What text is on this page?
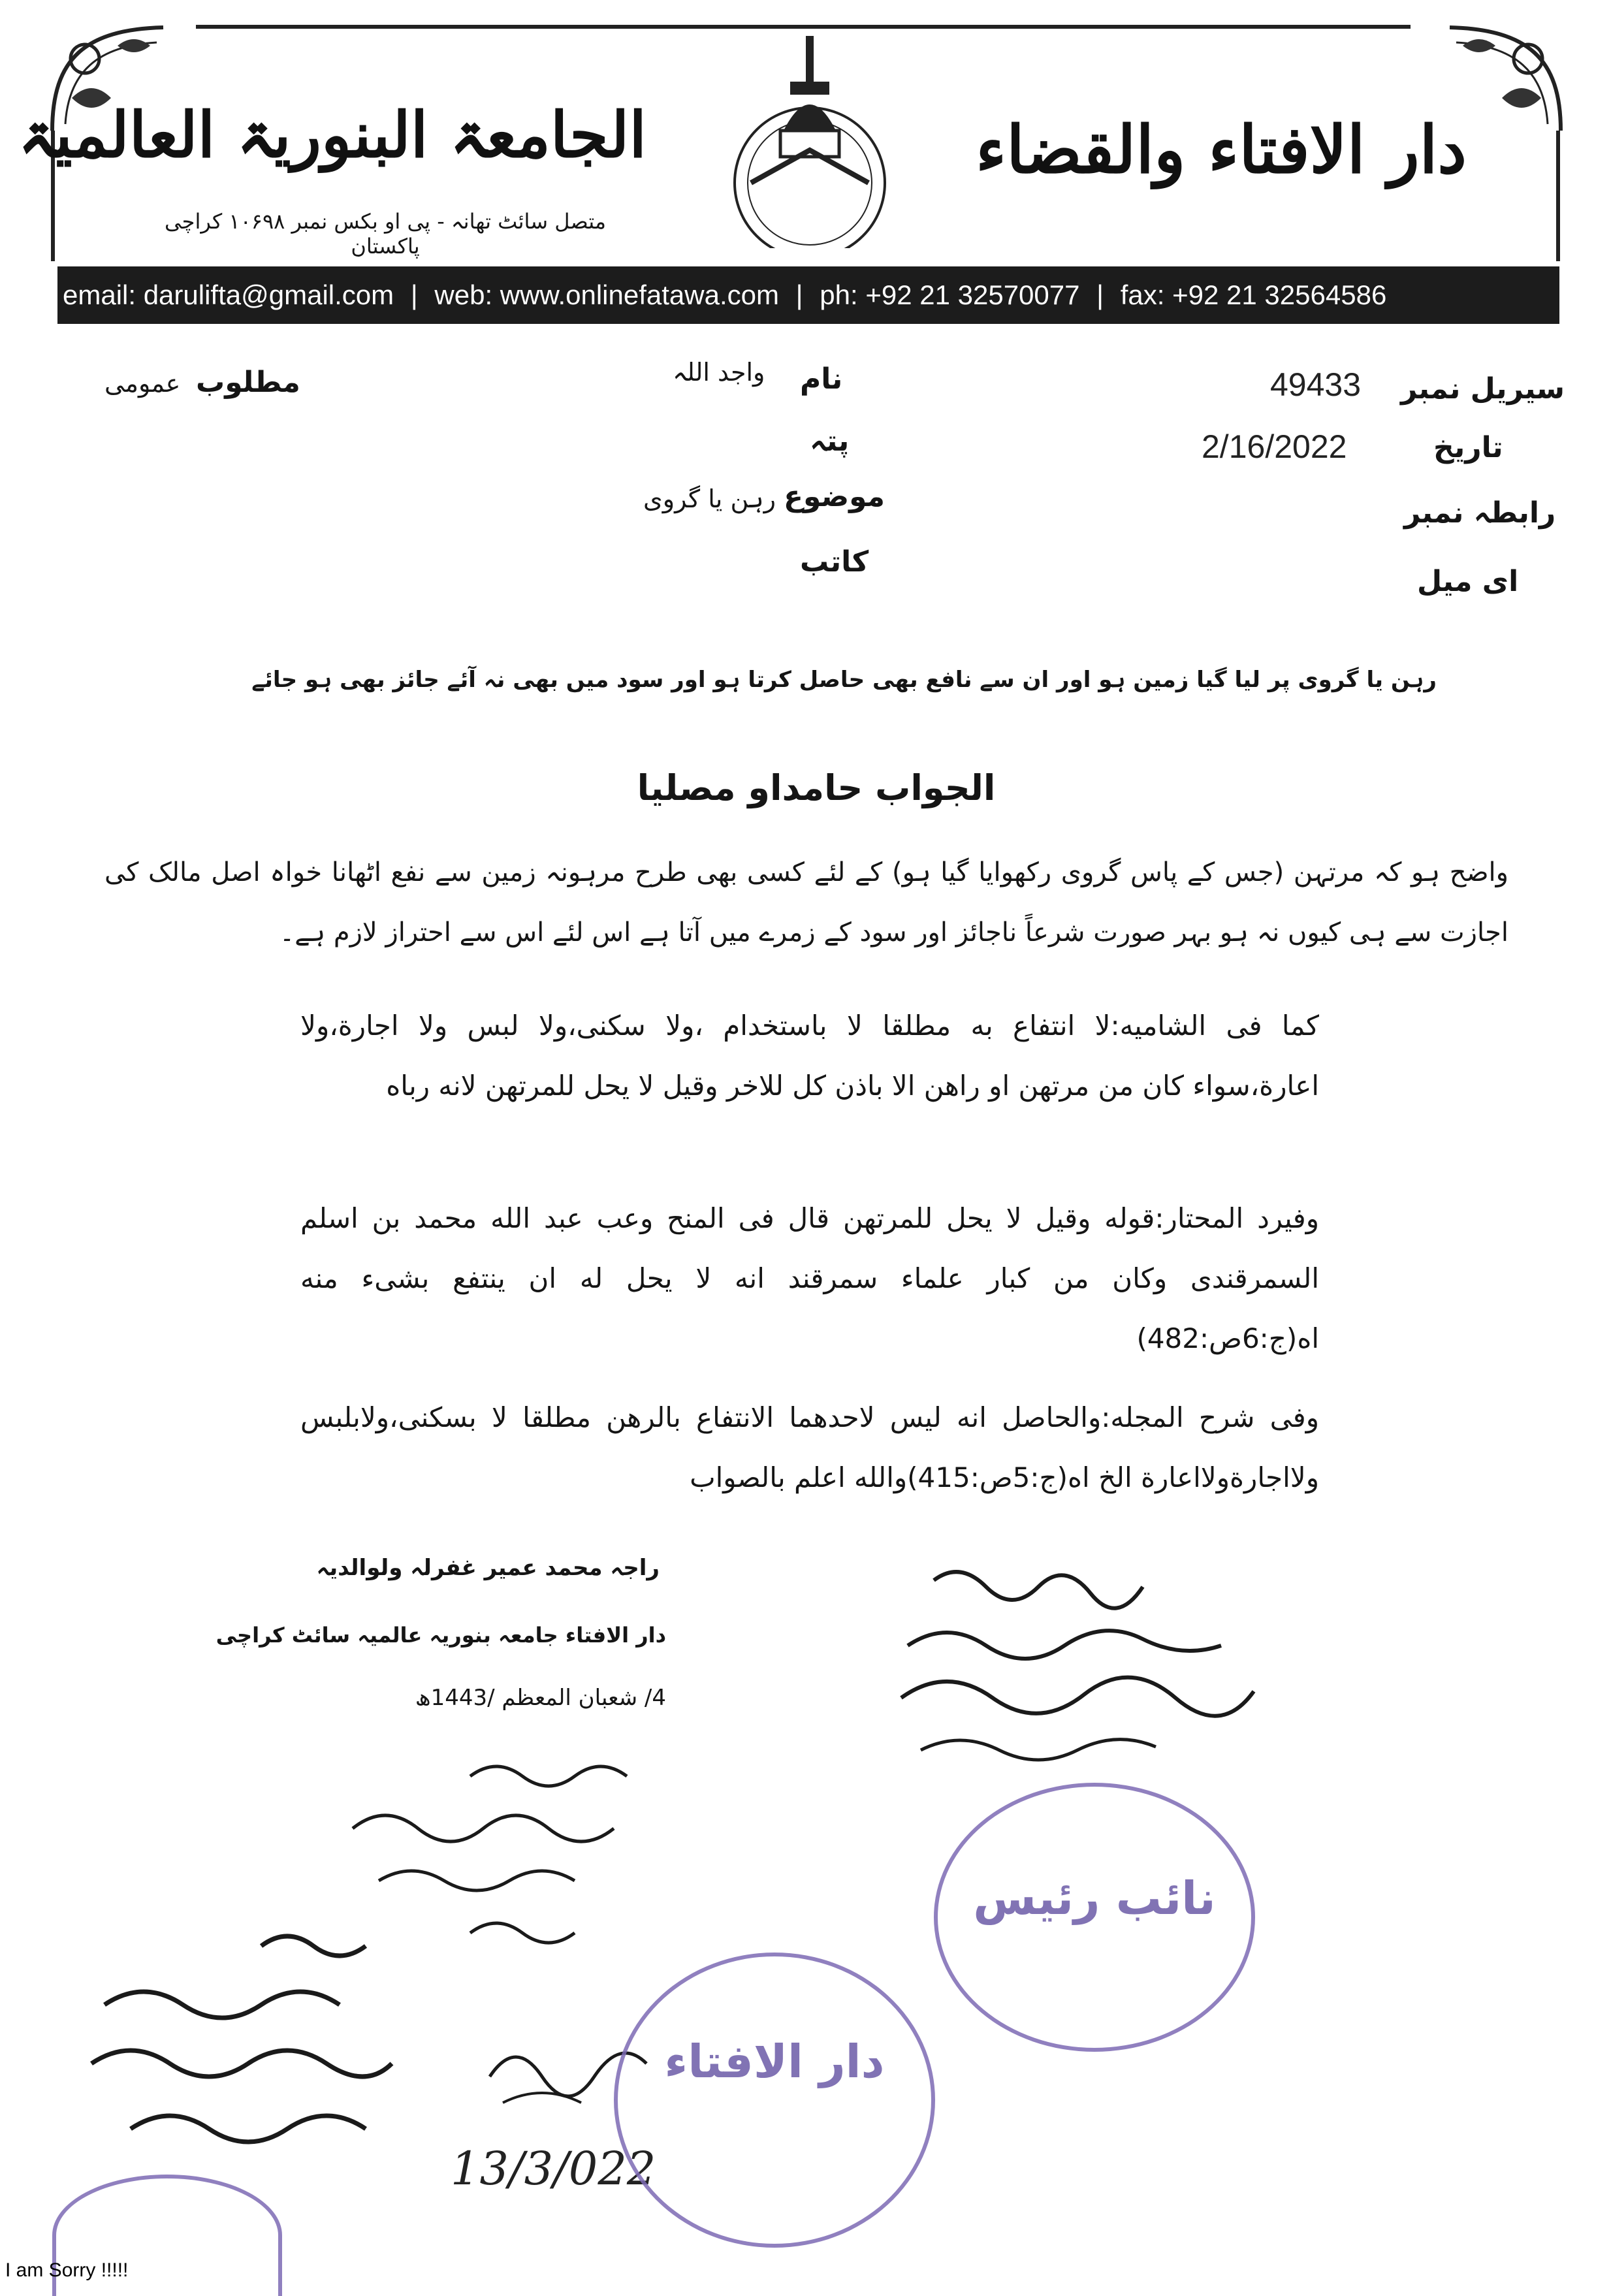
الجامعۃ البنوریۃ العالمیۃ
متصل سائٹ تھانہ - پی او بکس نمبر ۱۰۶۹۸ کراچی پاکستان
دار الافتاء والقضاء
email: darulifta@gmail.com | web: www.onlinefatawa.com | ph: +92 21 32570077 | fax: +92 21 32564586
سیریل نمبر
49433
تاریخ
2/16/2022
رابطہ نمبر
ای میل
نام
واجد اللہ
پتہ
موضوع
رہن یا گروی
کاتب
مطلوب
عمومی
رہن یا گروی پر لیا گیا زمین ہو اور ان سے نافع بھی حاصل کرتا ہو اور سود میں بھی نہ آئے جائز بھی ہو جائے
الجواب حامداو مصلیا
واضح ہو کہ مرتہن (جس کے پاس گروی رکھوایا گیا ہو) کے لئے کسی بھی طرح مرہونہ زمین سے نفع اٹھانا خواہ اصل مالک کی اجازت سے ہی کیوں نہ ہو بہر صورت شرعاً ناجائز اور سود کے زمرے میں آتا ہے اس لئے اس سے احتراز لازم ہے۔
كما فی الشاميه:لا انتفاع به مطلقا لا باستخدام ،ولا سكنى،ولا لبس ولا اجارة،ولا اعارة،سواء كان من مرتهن او راهن الا باذن كل للاخر وقيل لا يحل للمرتهن لانه رباه
وفيرد المحتار:قوله وقيل لا يحل للمرتهن قال فی المنح وعب عبد الله محمد بن اسلم السمرقندی وكان من كبار علماء سمرقند انه لا يحل له ان ينتفع بشیء منه اه(ج:6ص:482)
وفی شرح المجله:والحاصل انه ليس لاحدهما الانتفاع بالرهن مطلقا لا بسكنى،ولابلبس ولااجارةولااعارة الخ اه(ج:5ص:415)والله اعلم بالصواب
راجہ محمد عمیر غفرلہ ولوالدیہ
دار الافتاء جامعہ بنوریہ عالمیہ سائٹ کراچی
4/ شعبان المعظم /1443ھ
13/3/022
دار الافتاء
نائب رئیس
I am Sorry !!!!!
